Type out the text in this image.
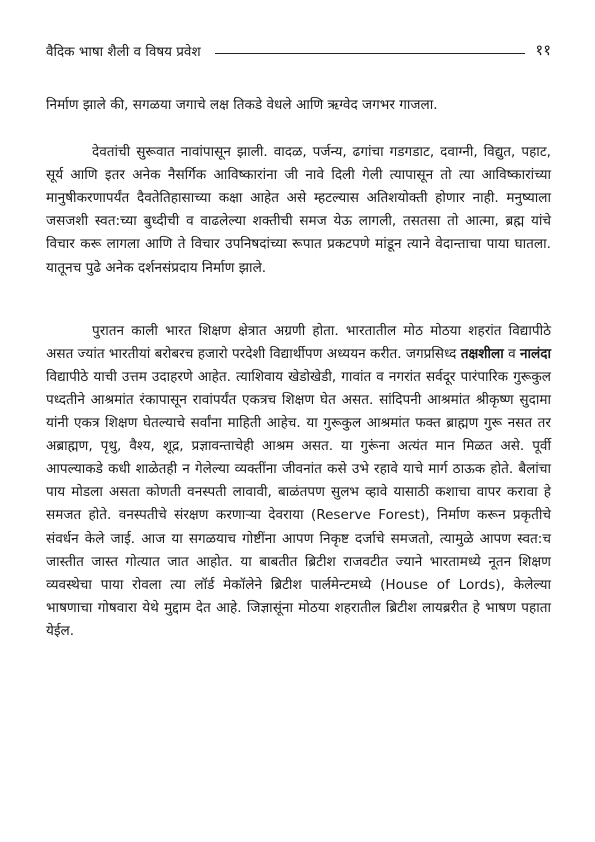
वैदिक भाषा शैली व विषय प्रवेश	११

निर्माण झाले की, सगळया जगाचे लक्ष तिकडे वेधले आणि ऋग्वेद जगभर गाजला.

देवतांची सुरूवात नावांपासून झाली. वादळ, पर्जन्य, ढगांचा गडगडाट, दवाग्नी, विद्युत, पहाट, सूर्य आणि इतर अनेक नैसर्गिक आविष्कारांना जी नावे दिली गेली त्यापासून तो त्या आविष्कारांच्या मानुषीकरणापर्यंत दैवतेतिहासाच्या कक्षा आहेत असे म्हटल्यास अतिशयोक्ती होणार नाही. मनुष्याला जसजशी स्वत:च्या बुध्दीची व वाढलेल्या शक्तीची समज येऊ लागली, तसतसा तो आत्मा, ब्रह्म यांचे विचार करू लागला आणि ते विचार उपनिषदांच्या रूपात प्रकटपणे मांडून त्याने वेदान्ताचा पाया घातला. यातूनच पुढे अनेक दर्शनसंप्रदाय निर्माण झाले.

पुरातन काली भारत शिक्षण क्षेत्रात अग्रणी होता. भारतातील मोठ मोठया शहरांत विद्यापीठे असत ज्यांत भारतीयां बरोबरच हजारो परदेशी विद्यार्थीपण अध्ययन करीत. जगप्रसिध्द तक्षशीला व नालंदा विद्यापीठे याची उत्तम उदाहरणे आहेत. त्याशिवाय खेडोखेडी, गावांत व नगरांत सर्वदूर पारंपारिक गुरूकुल पध्दतीने आश्रमांत रंकापासून रावांपर्यंत एकत्रच शिक्षण घेत असत. सांदिपनी आश्रमांत श्रीकृष्ण सुदामा यांनी एकत्र शिक्षण घेतल्याचे सर्वांना माहिती आहेच. या गुरूकुल आश्रमांत फक्त ब्राह्मण गुरू नसत तर अब्राह्मण, पृथु, वैश्य, शूद्र, प्रज्ञावन्ताचेही आश्रम असत. या गुरूंना अत्यंत मान मिळत असे. पूर्वी आपल्याकडे कधी शाळेतही न गेलेल्या व्यक्तींना जीवनांत कसे उभे रहावे याचे मार्ग ठाऊक होते. बैलांचा पाय मोडला असता कोणती वनस्पती लावावी, बाळंतपण सुलभ व्हावे यासाठी कशाचा वापर करावा हे समजत होते. वनस्पतीचे संरक्षण करणाऱ्या देवराया (Reserve Forest), निर्माण करून प्रकृतीचे संवर्धन केले जाई. आज या सगळयाच गोष्टींना आपण निकृष्ट दर्जाचे समजतो, त्यामुळे आपण स्वत:च जास्तीत जास्त गोत्यात जात आहोत. या बाबतीत ब्रिटीश राजवटीत ज्याने भारतामध्ये नूतन शिक्षण व्यवस्थेचा पाया रोवला त्या लॉर्ड मेकॉलेने ब्रिटीश पार्लमेन्टमध्ये (House of Lords), केलेल्या भाषणाचा गोषवारा येथे मुद्दाम देत आहे. जिज्ञासूंना मोठया शहरातील ब्रिटीश लायब्ररीत हे भाषण पहाता येईल.
